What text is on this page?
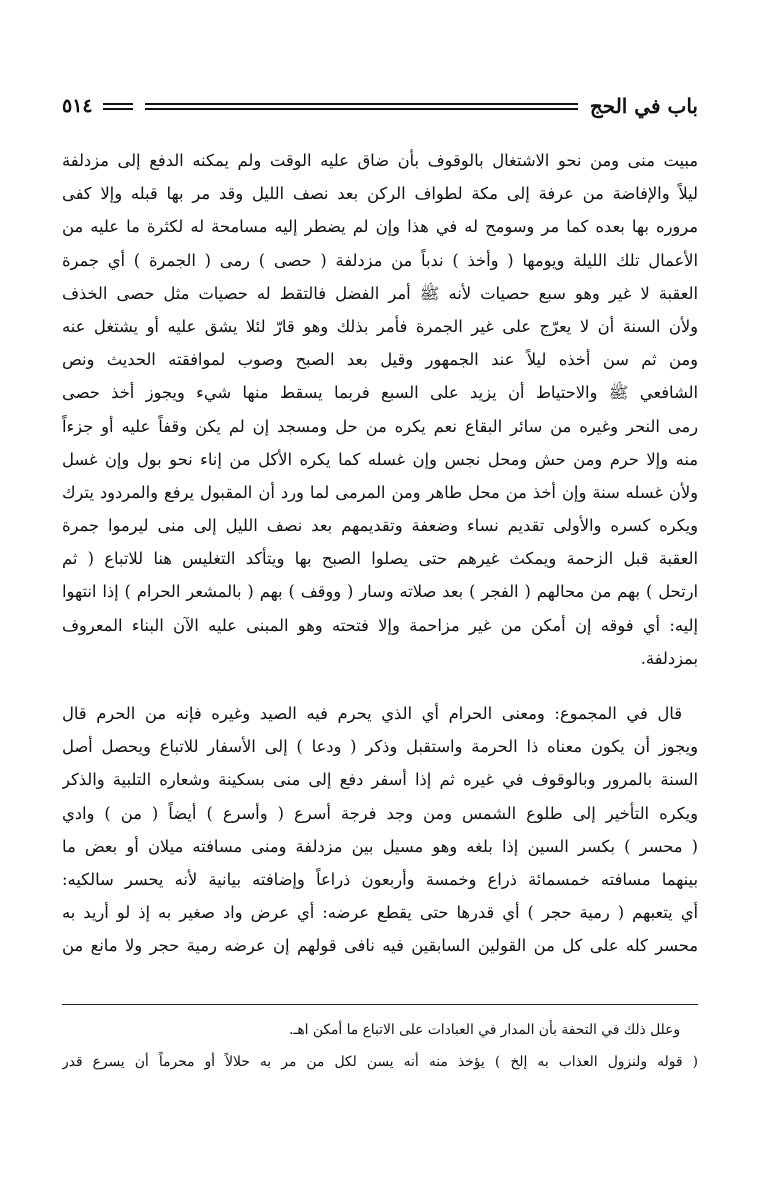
٥١٤	باب في الحج
مبيت منى ومن نحو الاشتغال بالوقوف بأن ضاق عليه الوقت ولم يمكنه الدفع إلى مزدلفة
ليلاً والإفاضة من عرفة إلى مكة لطواف الركن بعد نصف الليل وقد مر بها قبله وإلا كفى
مروره بها بعده كما مر وسومح له في هذا وإن لم يضطر إليه مسامحة له لكثرة ما عليه من
الأعمال تلك الليلة ويومها ( وأخذ ) ندباً من مزدلفة ( حصى ) رمى ( الجمرة ) أي جمرة
العقبة لا غير وهو سبع حصيات لأنه ﷺ أمر الفضل فالتقط له حصيات مثل حصى الخذف
ولأن السنة أن لا يعرّج على غير الجمرة فأمر بذلك وهو قارّ لئلا يشق عليه أو يشتغل عنه
ومن ثم سن أخذه ليلاً عند الجمهور وقيل بعد الصبح وصوب لموافقته الحديث ونص
الشافعي ﷺ والاحتياط أن يزيد على السبع فربما يسقط منها شيء ويجوز أخذ حصى
رمى النحر وغيره من سائر البقاع نعم يكره من حل ومسجد إن لم يكن وقفاً عليه أو جزءاً
منه وإلا حرم ومن حش ومحل نجس وإن غسله كما يكره الأكل من إناء نحو بول وإن غسل
ولأن غسله سنة وإن أخذ من محل طاهر ومن المرمى لما ورد أن المقبول يرفع والمردود يترك
ويكره كسره والأولى تقديم نساء وضعفة وتقديمهم بعد نصف الليل إلى منى ليرموا جمرة
العقبة قبل الزحمة ويمكث غيرهم حتى يصلوا الصبح بها ويتأكد التغليس هنا للاتباع ( ثم
ارتحل ) بهم من محالهم ( الفجر ) بعد صلاته وسار ( ووقف ) بهم ( بالمشعر الحرام ) إذا انتهوا
إليه: أي فوقه إن أمكن من غير مزاحمة وإلا فتحته وهو المبنى عليه الآن البناء المعروف
بمزدلفة.
قال في المجموع: ومعنى الحرام أي الذي يحرم فيه الصيد وغيره فإنه من الحرم قال
ويجوز أن يكون معناه ذا الحرمة واستقبل وذكر ( ودعا ) إلى الأسفار للاتباع ويحصل أصل
السنة بالمرور وبالوقوف في غيره ثم إذا أسفر دفع إلى منى بسكينة وشعاره التلبية والذكر
ويكره التأخير إلى طلوع الشمس ومن وجد فرجة أسرع ( وأسرع ) أيضاً ( من ) وادي
( محسر ) بكسر السين إذا بلغه وهو مسيل بين مزدلفة ومنى مسافته ميلان أو بعض ما
بينهما مسافته خمسمائة ذراع وخمسة وأربعون ذراعاً وإضافته بيانية لأنه يحسر سالكيه:
أي يتعبهم ( رمية حجر ) أي قدرها حتى يقطع عرضه: أي عرض واد صغير به إذ لو أريد به
محسر كله على كل من القولين السابقين فيه نافى قولهم إن عرضه رمية حجر ولا مانع من
وعلل ذلك في التحفة بأن المدار في العبادات على الاتباع ما أمكن اهـ.
( قوله ولنزول العذاب به إلخ ) يؤخذ منه أنه يسن لكل من مر به حلالاً أو محرماً أن يسرع قدر
